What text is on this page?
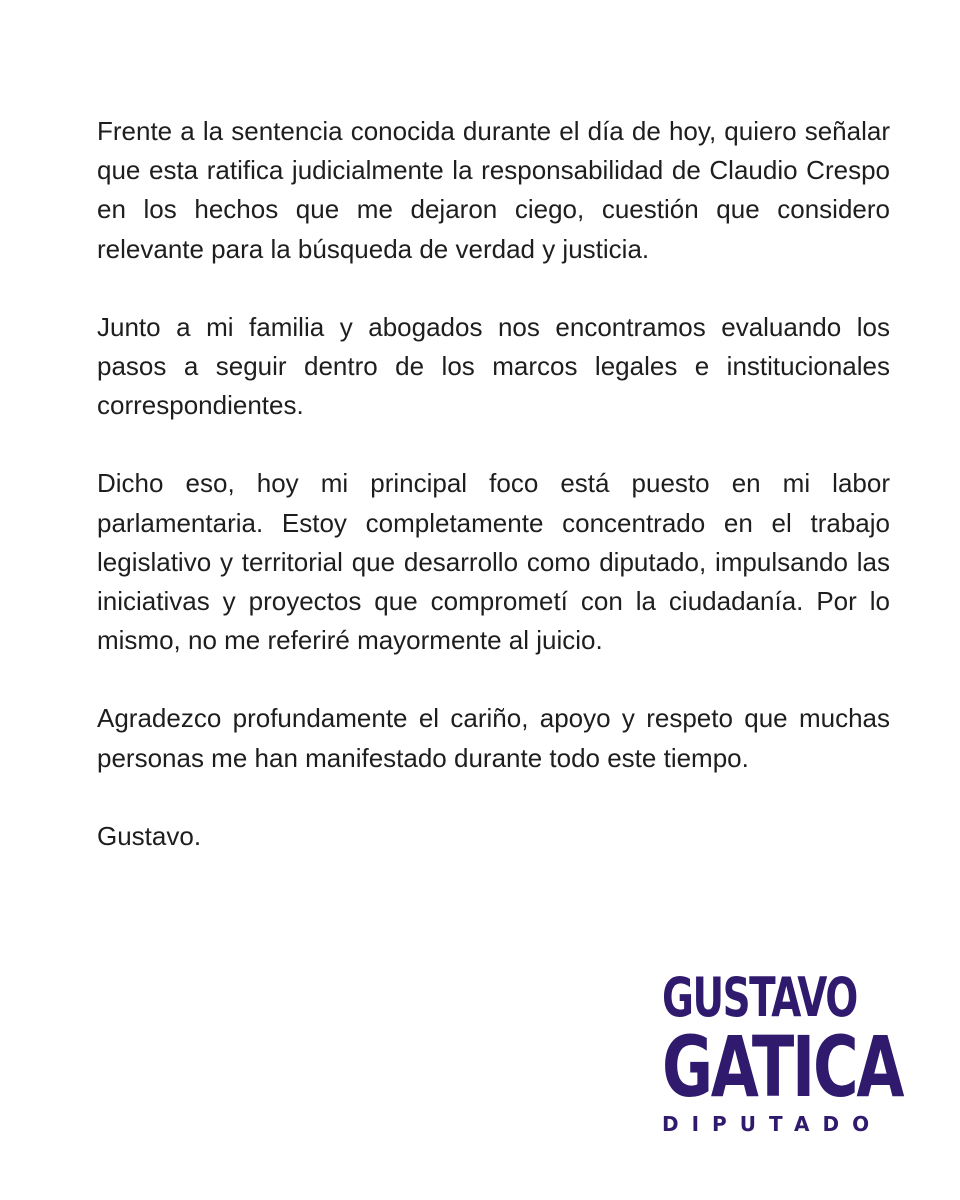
Frente a la sentencia conocida durante el día de hoy, quiero señalar que esta ratifica judicialmente la responsabilidad de Claudio Crespo en los hechos que me dejaron ciego, cuestión que considero relevante para la búsqueda de verdad y justicia.

Junto a mi familia y abogados nos encontramos evaluando los pasos a seguir dentro de los marcos legales e institucionales correspondientes.

Dicho eso, hoy mi principal foco está puesto en mi labor parlamentaria. Estoy completamente concentrado en el trabajo legislativo y territorial que desarrollo como diputado, impulsando las iniciativas y proyectos que comprometí con la ciudadanía. Por lo mismo, no me referiré mayormente al juicio.

Agradezco profundamente el cariño, apoyo y respeto que muchas personas me han manifestado durante todo este tiempo.

Gustavo.

GUSTAVO
GATICA
DIPUTADO
